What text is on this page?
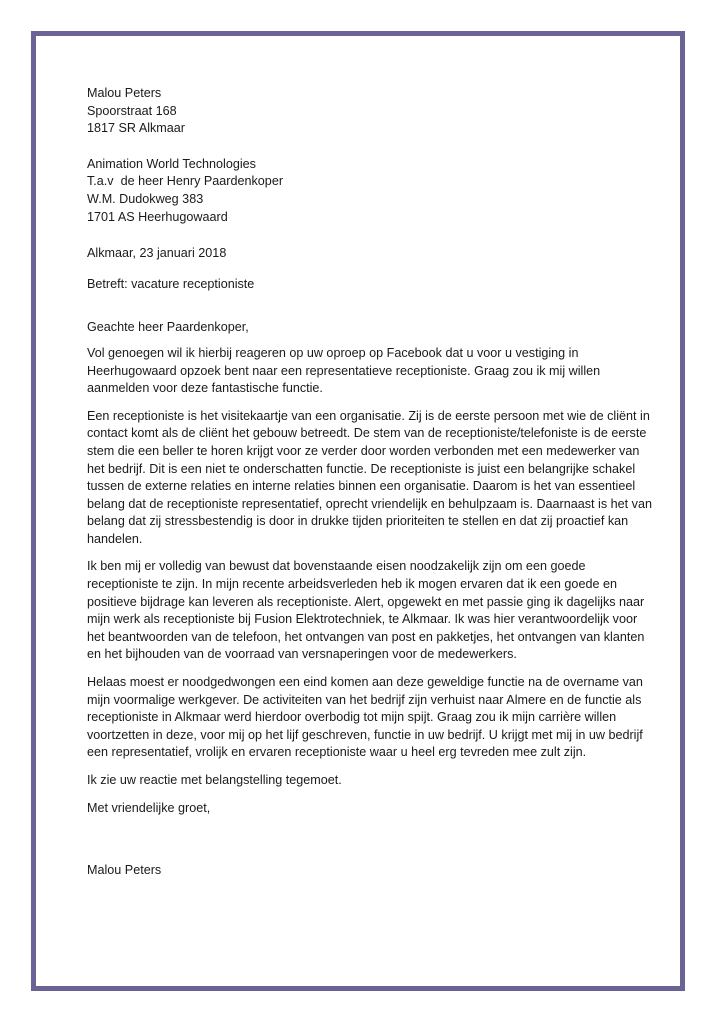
Malou Peters

Spoorstraat 168

1817 SR Alkmaar

Animation World Technologies

T.a.v  de heer Henry Paardenkoper

W.M. Dudokweg 383

1701 AS Heerhugowaard

Alkmaar, 23 januari 2018

Betreft: vacature receptioniste

Geachte heer Paardenkoper,

Vol genoegen wil ik hierbij reageren op uw oproep op Facebook dat u voor u vestiging in Heerhugowaard opzoek bent naar een representatieve receptioniste. Graag zou ik mij willen aanmelden voor deze fantastische functie.

Een receptioniste is het visitekaartje van een organisatie. Zij is de eerste persoon met wie de cliënt in contact komt als de cliënt het gebouw betreedt. De stem van de receptioniste/telefoniste is de eerste stem die een beller te horen krijgt voor ze verder door worden verbonden met een medewerker van het bedrijf. Dit is een niet te onderschatten functie. De receptioniste is juist een belangrijke schakel tussen de externe relaties en interne relaties binnen een organisatie. Daarom is het van essentieel belang dat de receptioniste representatief, oprecht vriendelijk en behulpzaam is. Daarnaast is het van belang dat zij stressbestendig is door in drukke tijden prioriteiten te stellen en dat zij proactief kan handelen.

Ik ben mij er volledig van bewust dat bovenstaande eisen noodzakelijk zijn om een goede receptioniste te zijn. In mijn recente arbeidsverleden heb ik mogen ervaren dat ik een goede en positieve bijdrage kan leveren als receptioniste. Alert, opgewekt en met passie ging ik dagelijks naar mijn werk als receptioniste bij Fusion Elektrotechniek, te Alkmaar. Ik was hier verantwoordelijk voor het beantwoorden van de telefoon, het ontvangen van post en pakketjes, het ontvangen van klanten en het bijhouden van de voorraad van versnaperingen voor de medewerkers.

Helaas moest er noodgedwongen een eind komen aan deze geweldige functie na de overname van mijn voormalige werkgever. De activiteiten van het bedrijf zijn verhuist naar Almere en de functie als receptioniste in Alkmaar werd hierdoor overbodig tot mijn spijt. Graag zou ik mijn carrière willen voortzetten in deze, voor mij op het lijf geschreven, functie in uw bedrijf. U krijgt met mij in uw bedrijf een representatief, vrolijk en ervaren receptioniste waar u heel erg tevreden mee zult zijn.

Ik zie uw reactie met belangstelling tegemoet.

Met vriendelijke groet,

Malou Peters
